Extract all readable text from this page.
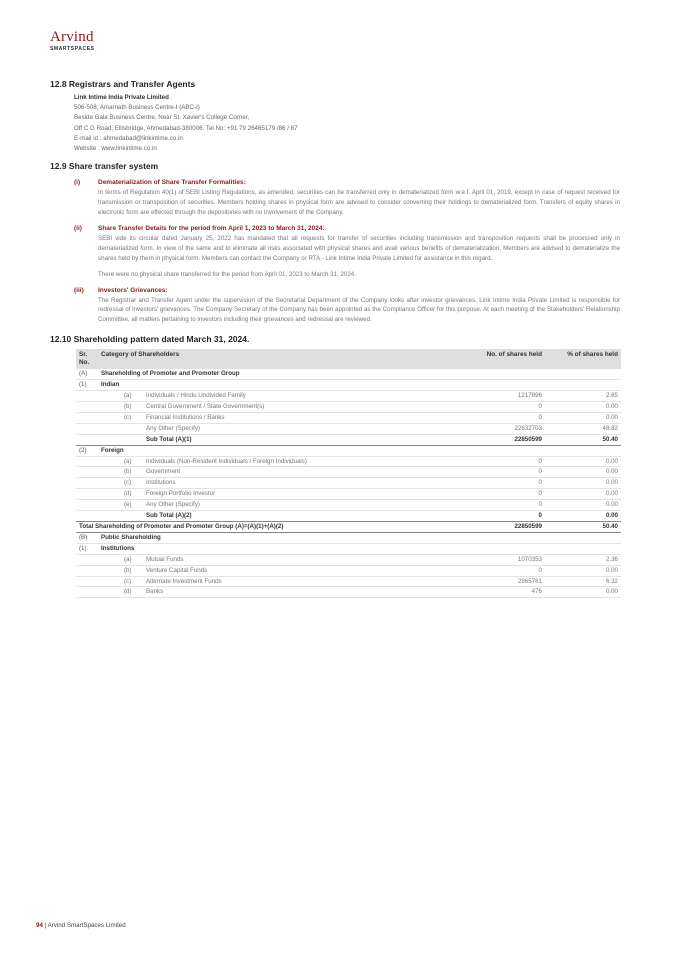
Arvind
SMARTSPACES
12.8 Registrars and Transfer Agents
Link Intime India Private Limited
506-508, Amarnath Business Centre-I (ABC-I)
Beside Gala Business Centre, Near St. Xavier's College Corner,
Off C G Road, Ellisbridge, Ahmedabad-380006. Tel No: +91 79 26465179 /86 / 87
E-mail id : ahmedabad@linkintime.co.in
Website : www.linkintime.co.in
12.9 Share transfer system
(i)	Dematerialization of Share Transfer Formalities:
In terms of Regulation 40(1) of SEBI Listing Regulations, as amended, securities can be transferred only in dematerialized form w.e.f. April 01, 2019, except in case of request received for transmission or transposition of securities. Members holding shares in physical form are advised to consider converting their holdings to dematerialized form. Transfers of equity shares in electronic form are effected through the depositories with no involvement of the Company.
(ii) Share Transfer Details for the period from April 1, 2023 to March 31, 2024:
SEBI vide its circular dated January 25, 2022 has mandated that all requests for transfer of securities including transmission and transposition requests shall be processed only in dematerialized form. In view of the same and to eliminate all risks associated with physical shares and avail various benefits of dematerialization, Members are advised to dematerialize the shares held by them in physical form. Members can contact the Company or RTA - Link Intime India Private Limited for assistance in this regard.
There were no physical share transferred for the period from April 01, 2023 to March 31, 2024.
(iii) Investors' Grievances:
The Registrar and Transfer Agent under the supervision of the Secretarial Department of the Company looks after investor grievances. Link Intime India Private Limited is responsible for redressal of investors' grievances. The Company Secretary of the Company has been appointed as the Compliance Officer for this purpose. At each meeting of the Stakeholders' Relationship Committee, all matters pertaining to investors including their grievances and redressal are reviewed.
12.10 Shareholding pattern dated March 31, 2024.
Sr. No.	Category of Shareholders	No. of shares held	% of shares held
(A)	Shareholding of Promoter and Promoter Group		
(1)	Indian		
	(a) Individuals / Hindu Undivided Family	1217896	2.65
	(b) Central Government / State Government(s)	0	0.00
	(c) Financial Institutions / Banks	0	0.00
	Any Other (Specify)	22632703	48.82
	Sub Total (A)(1)	22850599	50.40
(2)	Foreign		
	(a) Individuals (Non-Resident Individuals / Foreign Individuals)	0	0.00
	(b) Government	0	0.00
	(c) Institutions	0	0.00
	(d) Foreign Portfolio Investor	0	0.00
	(e) Any Other (Specify)	0	0.00
	Sub Total (A)(2)	0	0.00
Total Shareholding of Promoter and Promoter Group (A)=(A)(1)+(A)(2)		22850599	50.40
(B)	Public Shareholding		
(1)	Institutions		
	(a) Mutual Funds	1070353	2.36
	(b) Venture Capital Funds	0	0.00
	(c) Alternate Investment Funds	2865781	6.32
	(d) Banks	476	0.00
94 | Arvind SmartSpaces Limited
